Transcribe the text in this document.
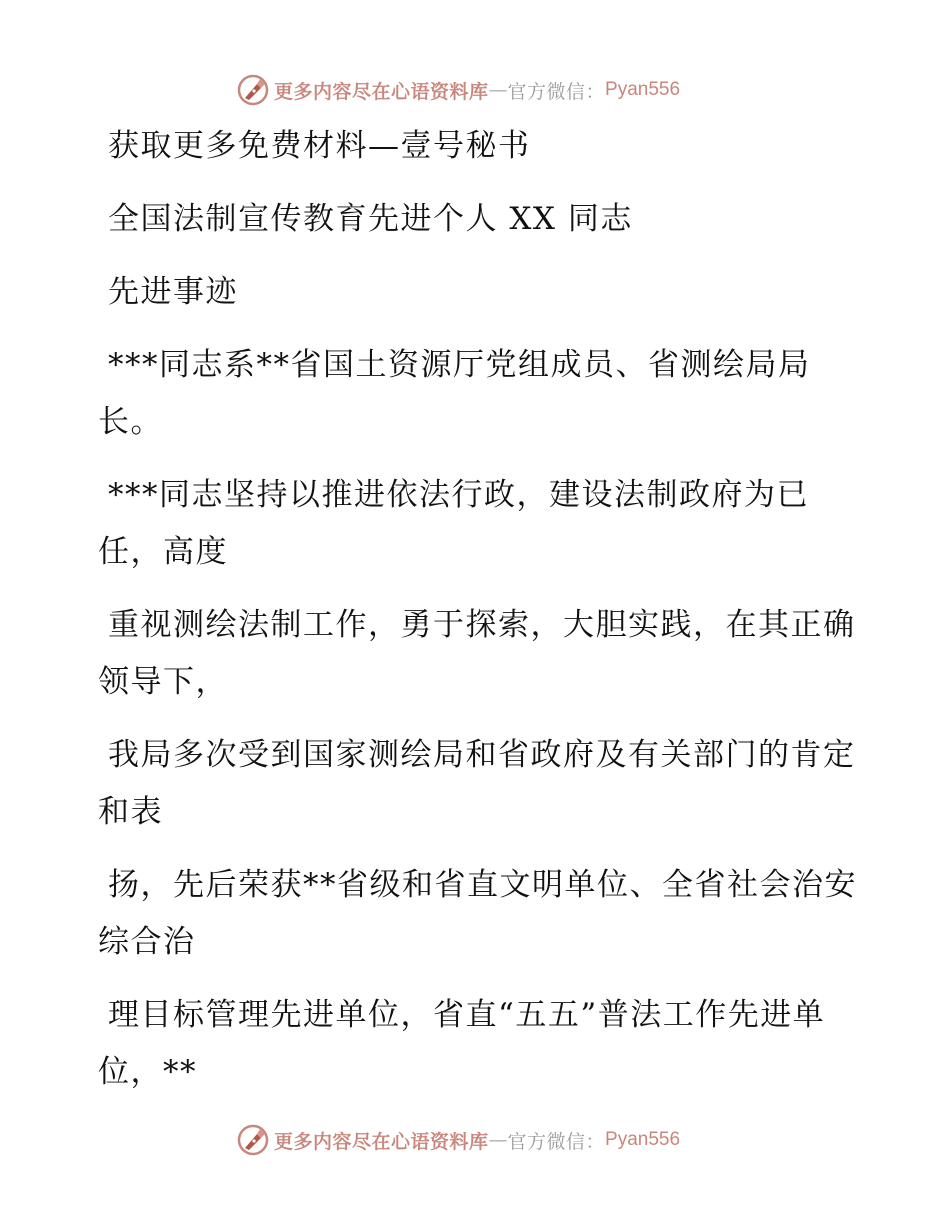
更多内容尽在心语资料库 — 官方微信： Pyan556

获取更多免费材料—壹号秘书

全国法制宣传教育先进个人 XX 同志

先进事迹

***同志系**省国土资源厅党组成员、省测绘局局长。

***同志坚持以推进依法行政，建设法制政府为已任，高度

重视测绘法制工作，勇于探索，大胆实践，在其正确领导下，

我局多次受到国家测绘局和省政府及有关部门的肯定和表

扬，先后荣获**省级和省直文明单位、全省社会治安综合治

理目标管理先进单位，省直“五五”普法工作先进单位，**

更多内容尽在心语资料库 — 官方微信： Pyan556
